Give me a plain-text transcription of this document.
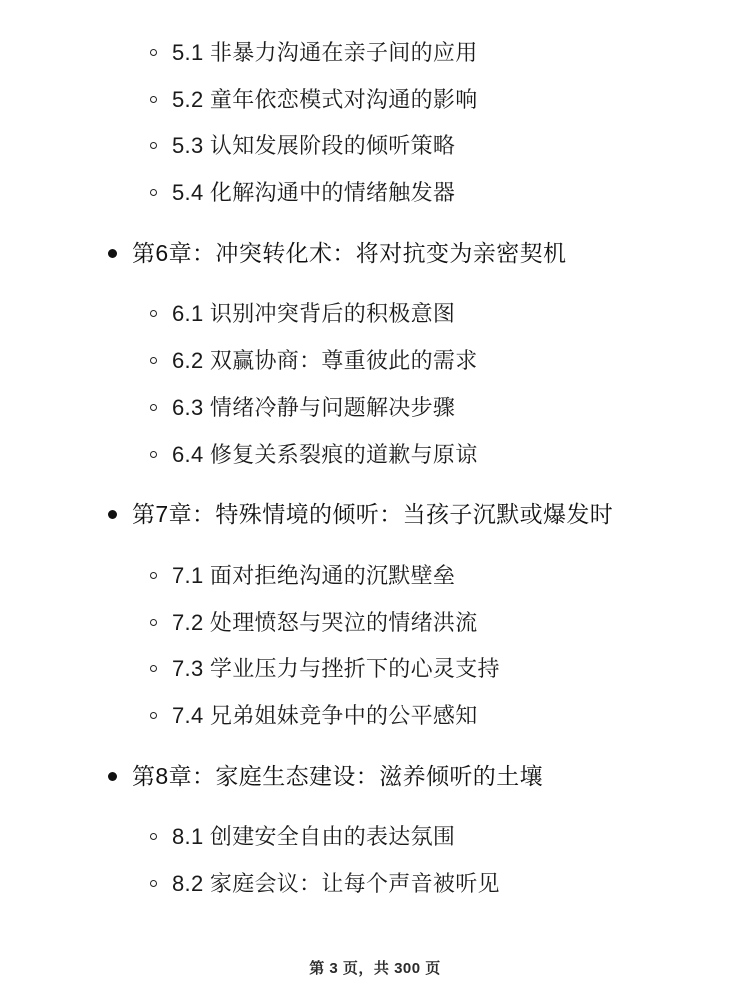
5.1 非暴力沟通在亲子间的应用
5.2 童年依恋模式对沟通的影响
5.3 认知发展阶段的倾听策略
5.4 化解沟通中的情绪触发器
第6章：冲突转化术：将对抗变为亲密契机
6.1 识别冲突背后的积极意图
6.2 双赢协商：尊重彼此的需求
6.3 情绪冷静与问题解决步骤
6.4 修复关系裂痕的道歉与原谅
第7章：特殊情境的倾听：当孩子沉默或爆发时
7.1 面对拒绝沟通的沉默壁垒
7.2 处理愤怒与哭泣的情绪洪流
7.3 学业压力与挫折下的心灵支持
7.4 兄弟姐妹竞争中的公平感知
第8章：家庭生态建设：滋养倾听的土壤
8.1 创建安全自由的表达氛围
8.2 家庭会议：让每个声音被听见
第 3 页，共 300 页
